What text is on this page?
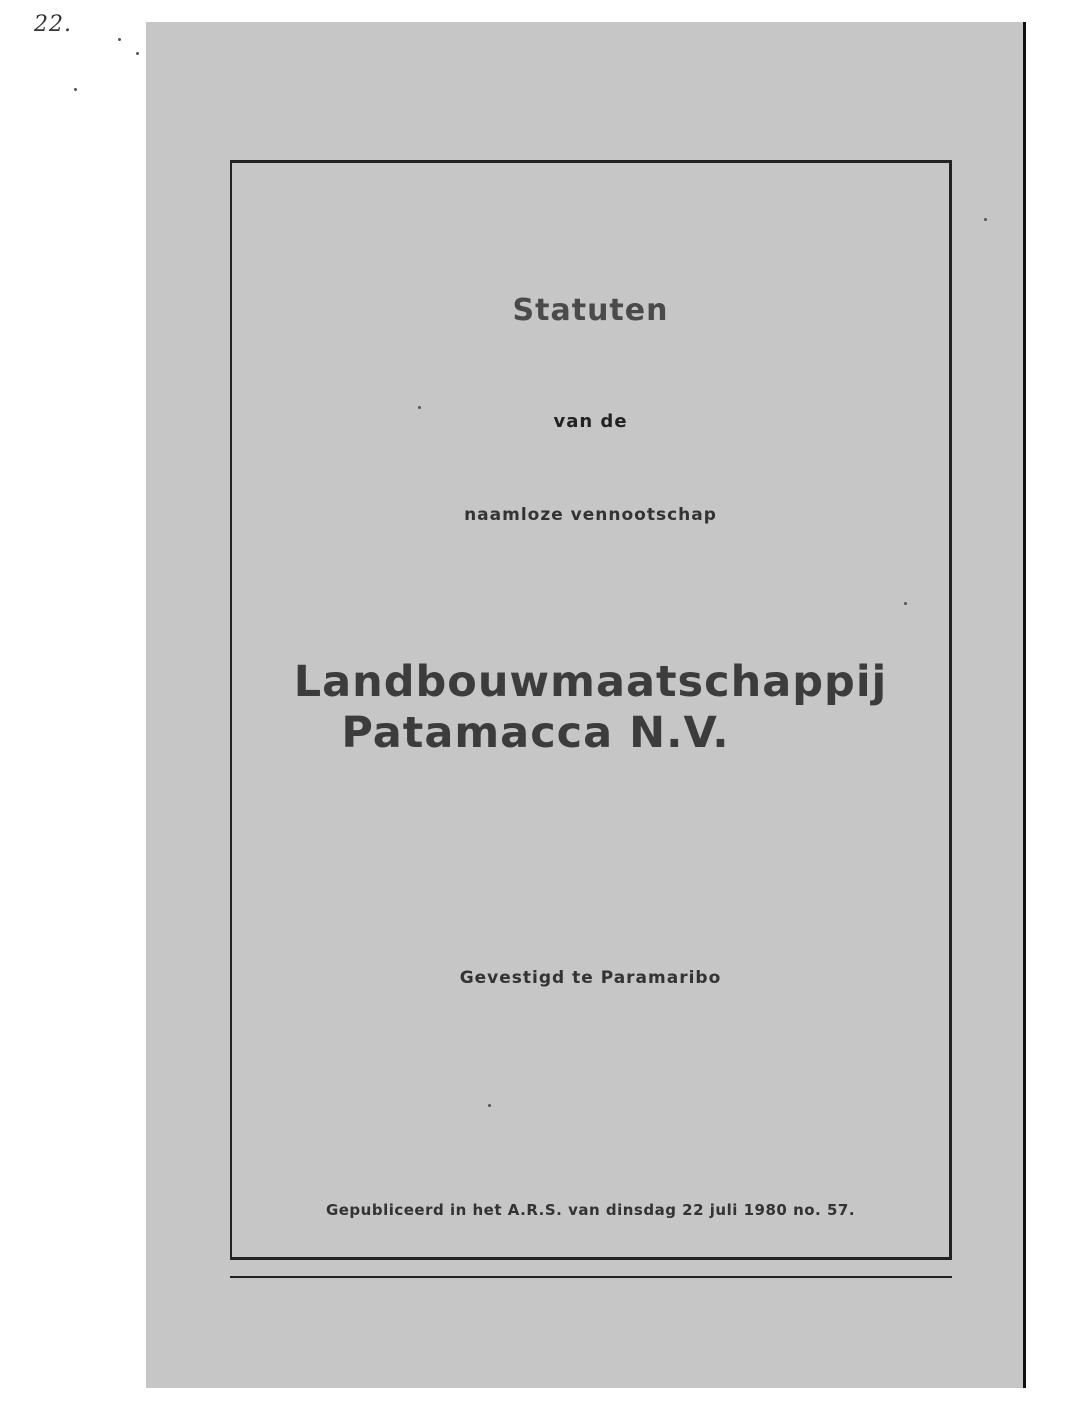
22.
Statuten
van de
naamloze vennootschap
Landbouwmaatschappij
Patamacca N.V.
Gevestigd te Paramaribo
Gepubliceerd in het A.R.S. van dinsdag 22 juli 1980 no. 57.
